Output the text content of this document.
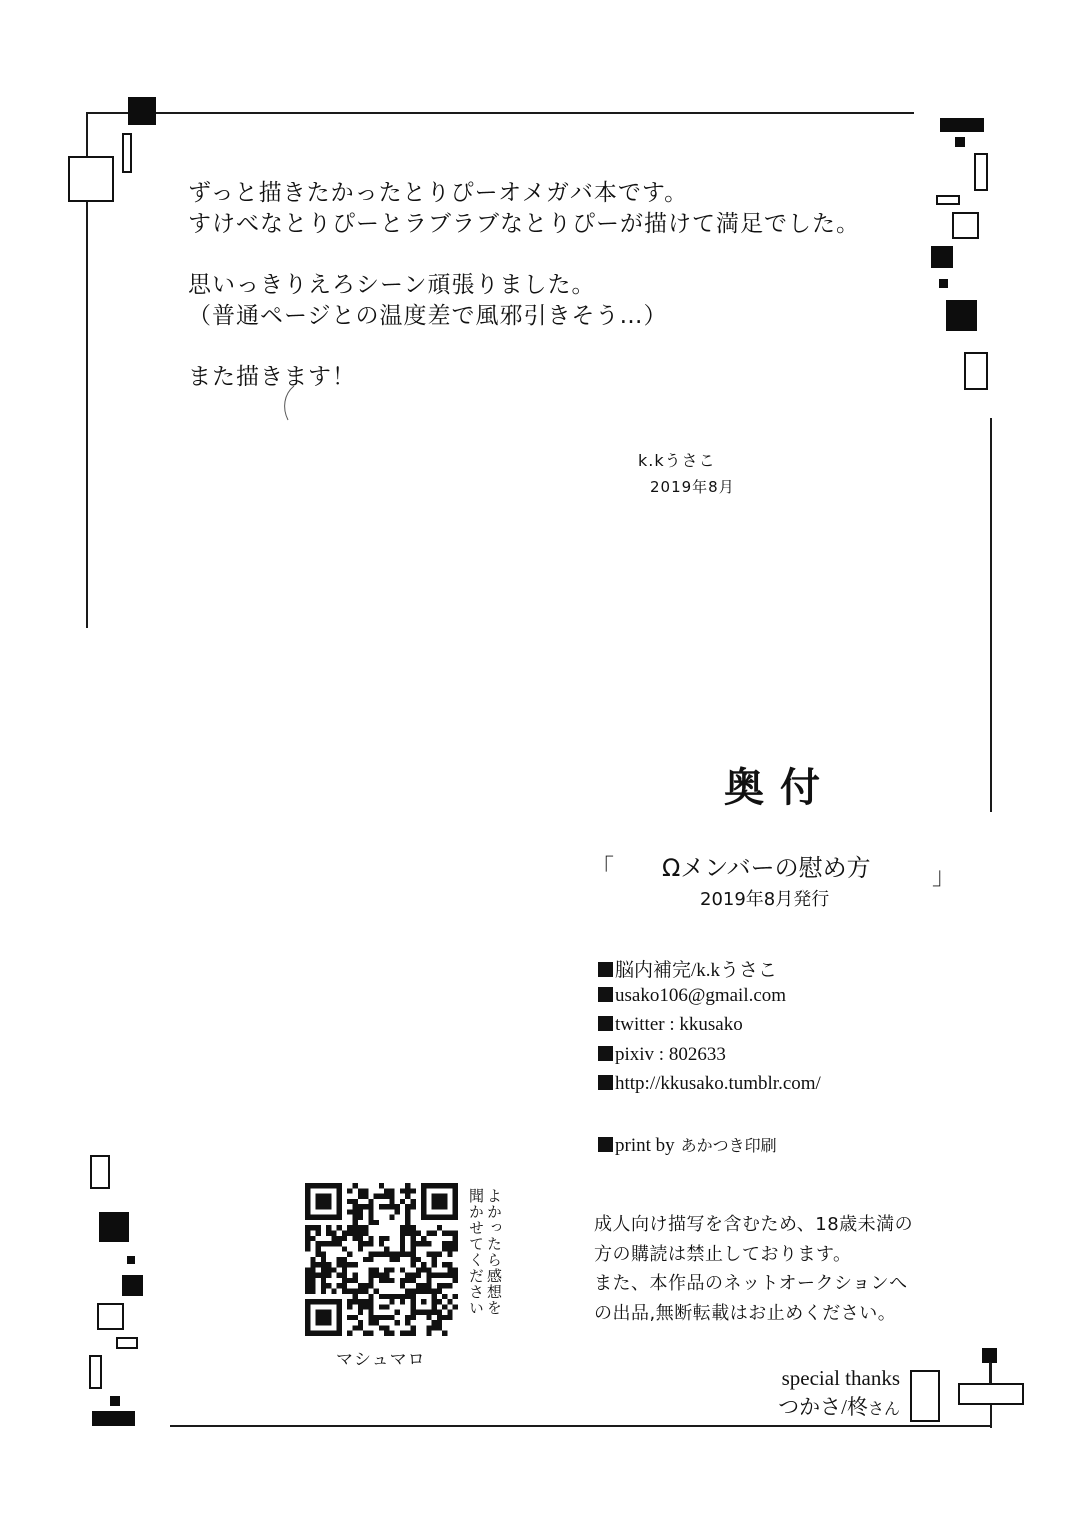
ずっと描きたかったとりぴーオメガバ本です。

すけべなとりぴーとラブラブなとりぴーが描けて満足でした。

思いっきりえろシーン頑張りました。

（普通ページとの温度差で風邪引きそう…）

また描きます！

k.kうさこ
2019年8月
奥付
「 Ωメンバーの慰め方	」
2019年8月発行
脳内補完/k.kうさこ
usako106@gmail.com
twitter : kkusako
pixiv : 802633
http://kkusako.tumblr.com/
print by あかつき印刷
マシュマロ
よかったら感想を聞かせてください	成人向け描写を含むため、18歳未満の

方の購読は禁止しております。

また、本作品のネットオークションへ

の出品,無断転載はお止めください。

special thanks
つかさ/柊さん
